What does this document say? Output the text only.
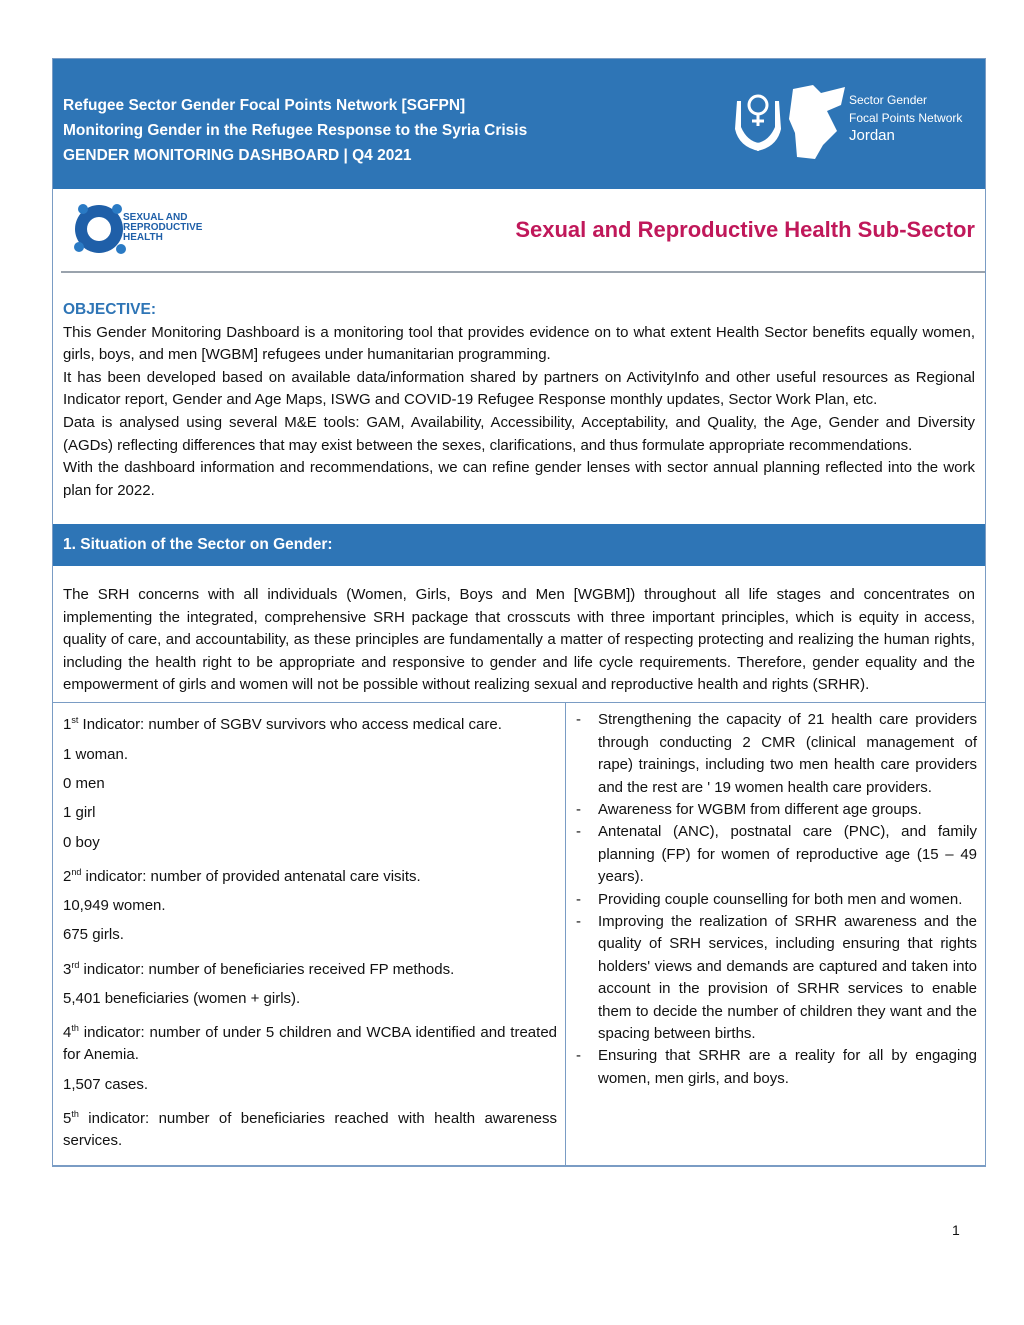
Refugee Sector Gender Focal Points Network [SGFPN]
Monitoring Gender in the Refugee Response to the Syria Crisis
GENDER MONITORING DASHBOARD | Q4 2021
Sector Gender
Focal Points Network
Jordan
SEXUAL AND
REPRODUCTIVE
HEALTH	Sexual and Reproductive Health Sub-Sector
OBJECTIVE:

This Gender Monitoring Dashboard is a monitoring tool that provides evidence on to what extent Health Sector benefits equally women, girls, boys, and men [WGBM] refugees under humanitarian programming.

It has been developed based on available data/information shared by partners on ActivityInfo and other useful resources as Regional Indicator report, Gender and Age Maps, ISWG and COVID-19 Refugee Response monthly updates, Sector Work Plan, etc.

Data is analysed using several M&E tools: GAM, Availability, Accessibility, Acceptability, and Quality, the Age, Gender and Diversity (AGDs) reflecting differences that may exist between the sexes, clarifications, and thus formulate appropriate recommendations.

With the dashboard information and recommendations, we can refine gender lenses with sector annual planning reflected into the work plan for 2022.

1. Situation of the Sector on Gender:

The SRH concerns with all individuals (Women, Girls, Boys and Men [WGBM]) throughout all life stages and concentrates on implementing the integrated, comprehensive SRH package that crosscuts with three important principles, which is equity in access, quality of care, and accountability, as these principles are fundamentally a matter of respecting protecting and realizing the human rights, including the health right to be appropriate and responsive to gender and life cycle requirements. Therefore, gender equality and the empowerment of girls and women will not be possible without realizing sexual and reproductive health and rights (SRHR).

1st Indicator: number of SGBV survivors who access medical care.
1 woman.
0 men
1 girl
0 boy
2nd indicator: number of provided antenatal care visits.
10,949 women.
675 girls.
3rd indicator: number of beneficiaries received FP methods.
5,401 beneficiaries (women + girls).
4th indicator: number of under 5 children and WCBA identified and treated for Anemia.
1,507 cases.
5th indicator: number of beneficiaries reached with health awareness services.
- Strengthening the capacity of 21 health care providers through conducting 2 CMR (clinical management of rape) trainings, including two men health care providers and the rest are ' 19 women health care providers.
- Awareness for WGBM from different age groups.
- Antenatal (ANC), postnatal care (PNC), and family planning (FP) for women of reproductive age (15 – 49 years).
- Providing couple counselling for both men and women.
- Improving the realization of SRHR awareness and the quality of SRH services, including ensuring that rights holders' views and demands are captured and taken into account in the provision of SRHR services to enable them to decide the number of children they want and the spacing between births.
- Ensuring that SRHR are a reality for all by engaging women, men girls, and boys.
1
